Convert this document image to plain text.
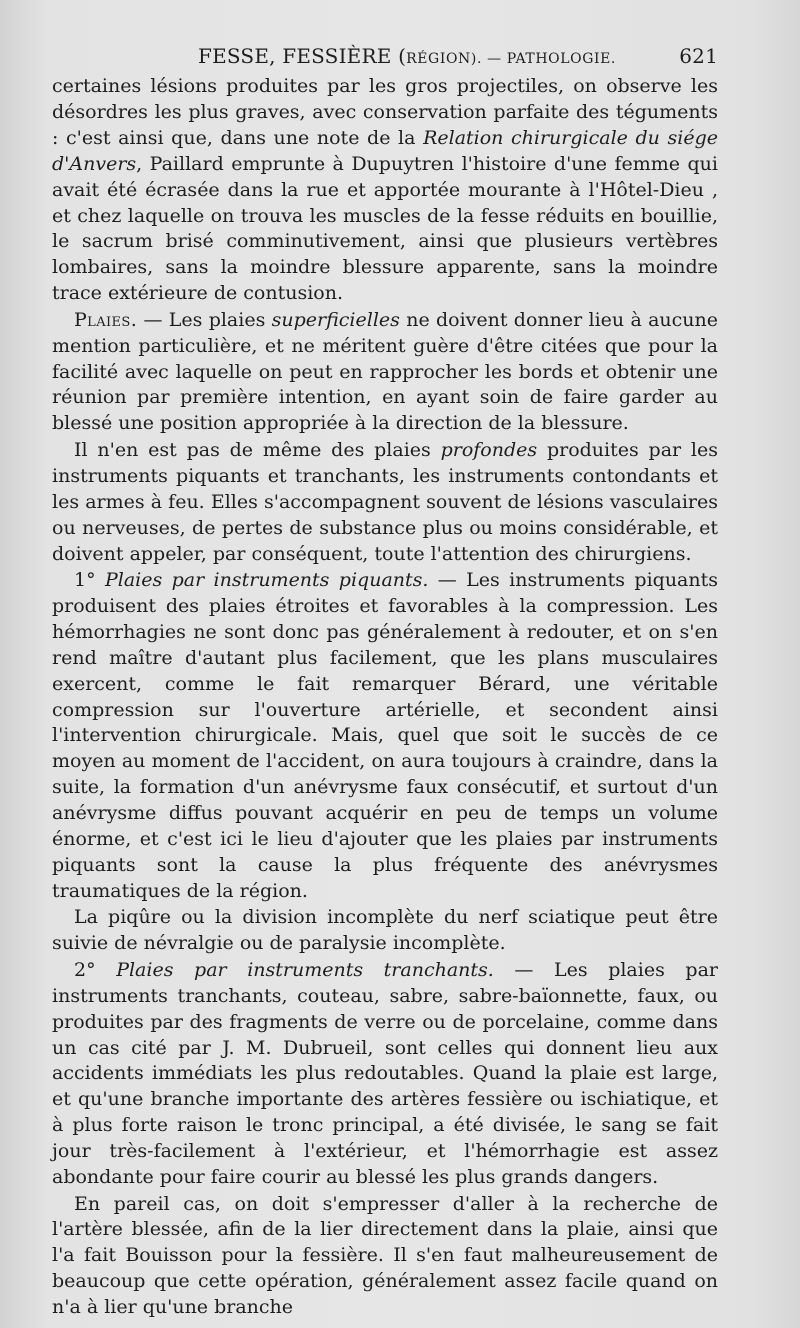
FESSE, FESSIÈRE (RÉGION). — PATHOLOGIE.	621

certaines lésions produites par les gros projectiles, on observe les désordres les plus graves, avec conservation parfaite des téguments : c'est ainsi que, dans une note de la Relation chirurgicale du siége d'Anvers, Paillard emprunte à Dupuytren l'histoire d'une femme qui avait été écrasée dans la rue et apportée mourante à l'Hôtel-Dieu , et chez laquelle on trouva les muscles de la fesse réduits en bouillie, le sacrum brisé comminutivement, ainsi que plusieurs vertèbres lombaires, sans la moindre blessure apparente, sans la moindre trace extérieure de contusion.

Plaies. — Les plaies superficielles ne doivent donner lieu à aucune mention particulière, et ne méritent guère d'être citées que pour la facilité avec laquelle on peut en rapprocher les bords et obtenir une réunion par première intention, en ayant soin de faire garder au blessé une position appropriée à la direction de la blessure.

Il n'en est pas de même des plaies profondes produites par les instruments piquants et tranchants, les instruments contondants et les armes à feu. Elles s'accompagnent souvent de lésions vasculaires ou nerveuses, de pertes de substance plus ou moins considérable, et doivent appeler, par conséquent, toute l'attention des chirurgiens.

1° Plaies par instruments piquants. — Les instruments piquants produisent des plaies étroites et favorables à la compression. Les hémorrhagies ne sont donc pas généralement à redouter, et on s'en rend maître d'autant plus facilement, que les plans musculaires exercent, comme le fait remarquer Bérard, une véritable compression sur l'ouverture artérielle, et secondent ainsi l'intervention chirurgicale. Mais, quel que soit le succès de ce moyen au moment de l'accident, on aura toujours à craindre, dans la suite, la formation d'un anévrysme faux consécutif, et surtout d'un anévrysme diffus pouvant acquérir en peu de temps un volume énorme, et c'est ici le lieu d'ajouter que les plaies par instruments piquants sont la cause la plus fréquente des anévrysmes traumatiques de la région.

La piqûre ou la division incomplète du nerf sciatique peut être suivie de névralgie ou de paralysie incomplète.

2° Plaies par instruments tranchants. — Les plaies par instruments tranchants, couteau, sabre, sabre-baïonnette, faux, ou produites par des fragments de verre ou de porcelaine, comme dans un cas cité par J. M. Dubrueil, sont celles qui donnent lieu aux accidents immédiats les plus redoutables. Quand la plaie est large, et qu'une branche importante des artères fessière ou ischiatique, et à plus forte raison le tronc principal, a été divisée, le sang se fait jour très-facilement à l'extérieur, et l'hémorrhagie est assez abondante pour faire courir au blessé les plus grands dangers.

En pareil cas, on doit s'empresser d'aller à la recherche de l'artère blessée, afin de la lier directement dans la plaie, ainsi que l'a fait Bouisson pour la fessière. Il s'en faut malheureusement de beaucoup que cette opération, généralement assez facile quand on n'a à lier qu'une branche
